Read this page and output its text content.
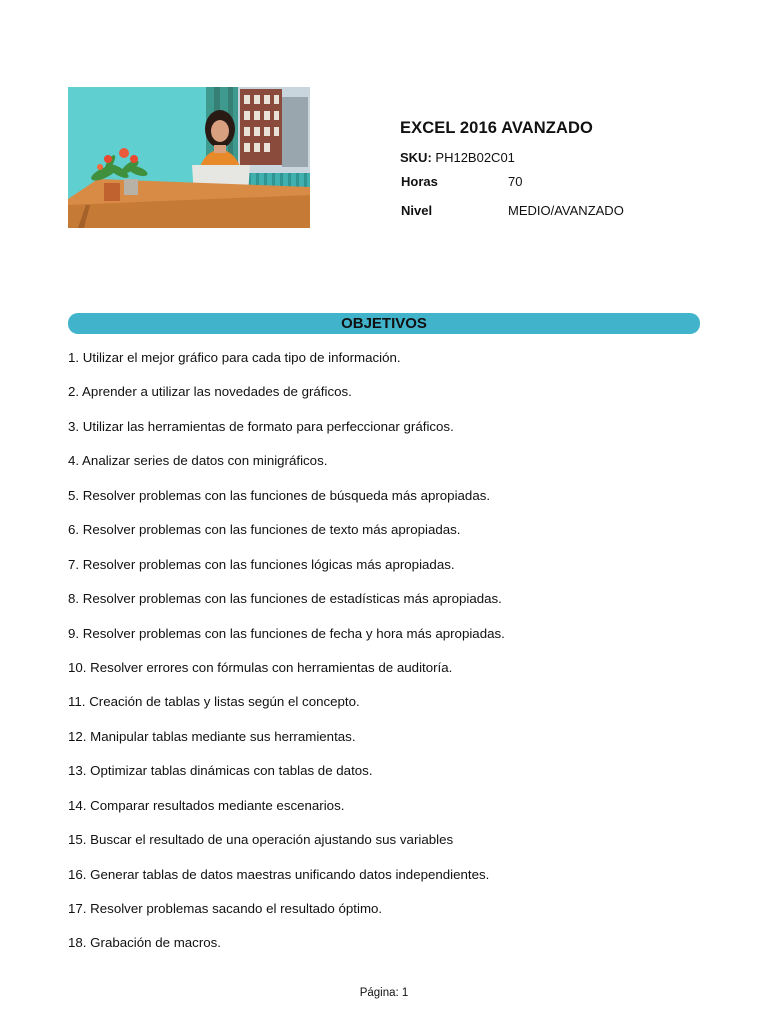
EXCEL 2016 AVANZADO
SKU: PH12B02C01
Horas	70
Nivel	MEDIO/AVANZADO
OBJETIVOS
1. Utilizar el mejor gráfico para cada tipo de información.
2. Aprender a utilizar las novedades de gráficos.
3. Utilizar las herramientas de formato para perfeccionar gráficos.
4. Analizar series de datos con minigráficos.
5. Resolver problemas con las funciones de búsqueda más apropiadas.
6. Resolver problemas con las funciones de texto más apropiadas.
7. Resolver problemas con las funciones lógicas más apropiadas.
8. Resolver problemas con las funciones de estadísticas más apropiadas.
9. Resolver problemas con las funciones de fecha y hora más apropiadas.
10. Resolver errores con fórmulas con herramientas de auditoría.
11. Creación de tablas y listas según el concepto.
12. Manipular tablas mediante sus herramientas.
13. Optimizar tablas dinámicas con tablas de datos.
14. Comparar resultados mediante escenarios.
15. Buscar el resultado de una operación ajustando sus variables
16. Generar tablas de datos maestras unificando datos independientes.
17. Resolver problemas sacando el resultado óptimo.
18. Grabación de macros.
Página: 1
